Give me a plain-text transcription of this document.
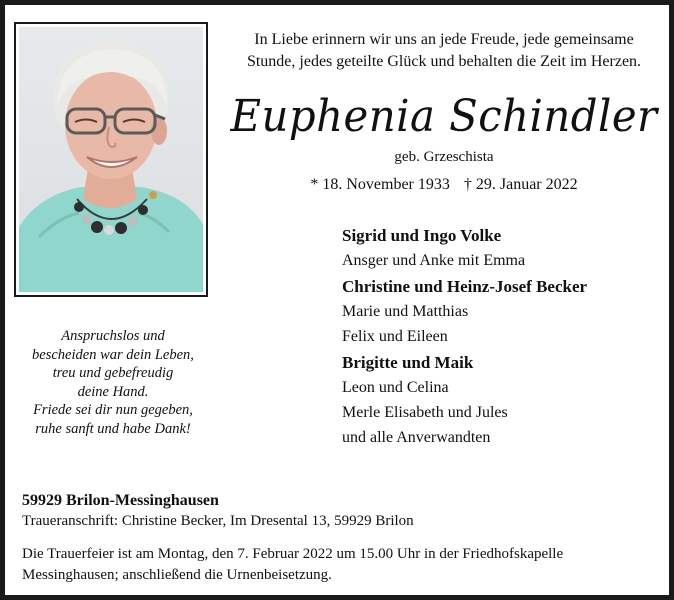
In Liebe erinnern wir uns an jede Freude, jede gemeinsame
Stunde, jedes geteilte Glück und behalten die Zeit im Herzen.
Euphenia Schindler
geb. Grzeschista
* 18. November 1933 † 29. Januar 2022
Sigrid und Ingo Volke
Ansger und Anke mit Emma
Christine und Heinz-Josef Becker
Marie und Matthias
Felix und Eileen
Brigitte und Maik
Leon und Celina
Merle Elisabeth und Jules
und alle Anverwandten
Anspruchslos und
bescheiden war dein Leben,
treu und gebefreudig
deine Hand.
Friede sei dir nun gegeben,
ruhe sanft und habe Dank!
59929 Brilon-Messinghausen
Traueranschrift: Christine Becker, Im Dresental 13, 59929 Brilon
Die Trauerfeier ist am Montag, den 7. Februar 2022 um 15.00 Uhr in der Friedhofskapelle
Messinghausen; anschließend die Urnenbeisetzung.
